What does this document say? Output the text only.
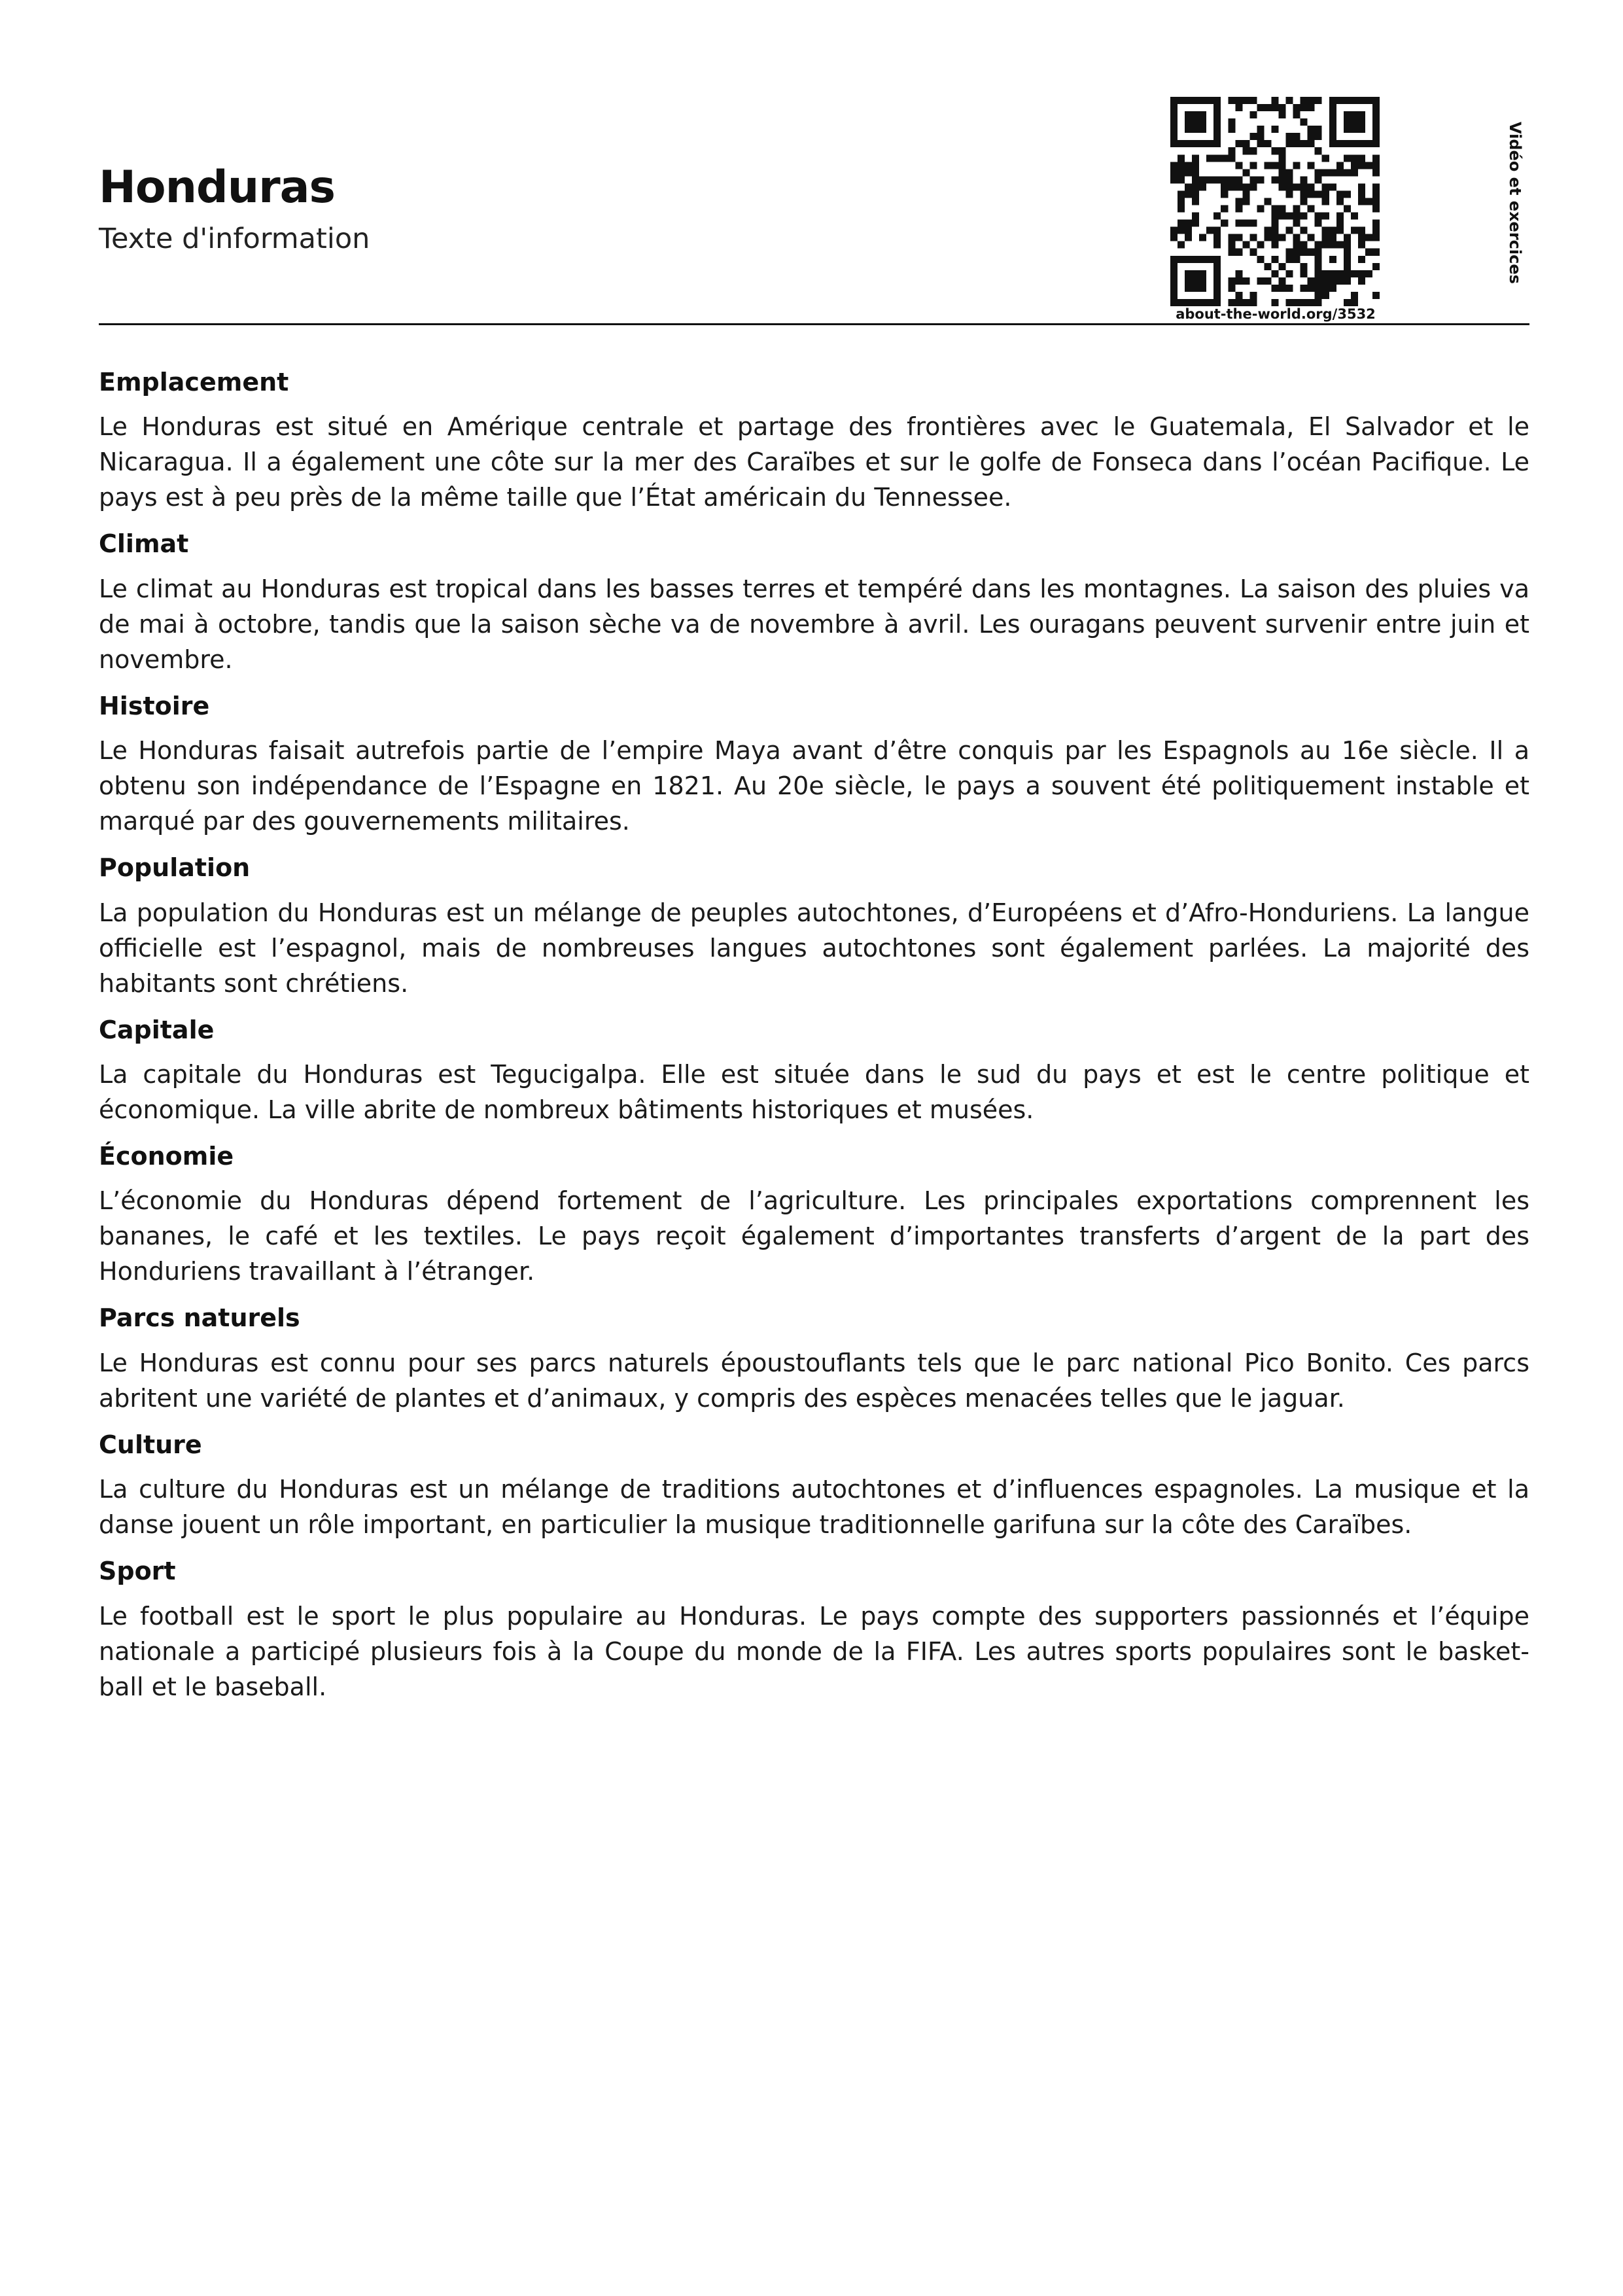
Honduras
Texte d'information
about-the-world.org/3532
Vidéo et exercices
Emplacement

Le Honduras est situé en Amérique centrale et partage des frontières avec le Guatemala, El Salvador et le Nicaragua. Il a également une côte sur la mer des Caraïbes et sur le golfe de Fonseca dans l’océan Pacifique. Le pays est à peu près de la même taille que l’État américain du Tennessee.

Climat

Le climat au Honduras est tropical dans les basses terres et tempéré dans les montagnes. La saison des pluies va de mai à octobre, tandis que la saison sèche va de novembre à avril. Les ouragans peuvent survenir entre juin et novembre.

Histoire

Le Honduras faisait autrefois partie de l’empire Maya avant d’être conquis par les Espagnols au 16e siècle. Il a obtenu son indépendance de l’Espagne en 1821. Au 20e siècle, le pays a souvent été politiquement instable et marqué par des gouvernements militaires.

Population

La population du Honduras est un mélange de peuples autochtones, d’Européens et d’Afro-Honduriens. La langue officielle est l’espagnol, mais de nombreuses langues autochtones sont également parlées. La majorité des habitants sont chrétiens.

Capitale

La capitale du Honduras est Tegucigalpa. Elle est située dans le sud du pays et est le centre politique et économique. La ville abrite de nombreux bâtiments historiques et musées.

Économie

L’économie du Honduras dépend fortement de l’agriculture. Les principales exportations comprennent les bananes, le café et les textiles. Le pays reçoit également d’importantes transferts d’argent de la part des Honduriens travaillant à l’étranger.

Parcs naturels

Le Honduras est connu pour ses parcs naturels époustouflants tels que le parc national Pico Bonito. Ces parcs abritent une variété de plantes et d’animaux, y compris des espèces menacées telles que le jaguar.

Culture

La culture du Honduras est un mélange de traditions autochtones et d’influences espagnoles. La musique et la danse jouent un rôle important, en particulier la musique traditionnelle garifuna sur la côte des Caraïbes.

Sport

Le football est le sport le plus populaire au Honduras. Le pays compte des supporters passionnés et l’équipe nationale a participé plusieurs fois à la Coupe du monde de la FIFA. Les autres sports populaires sont le basket-ball et le baseball.
